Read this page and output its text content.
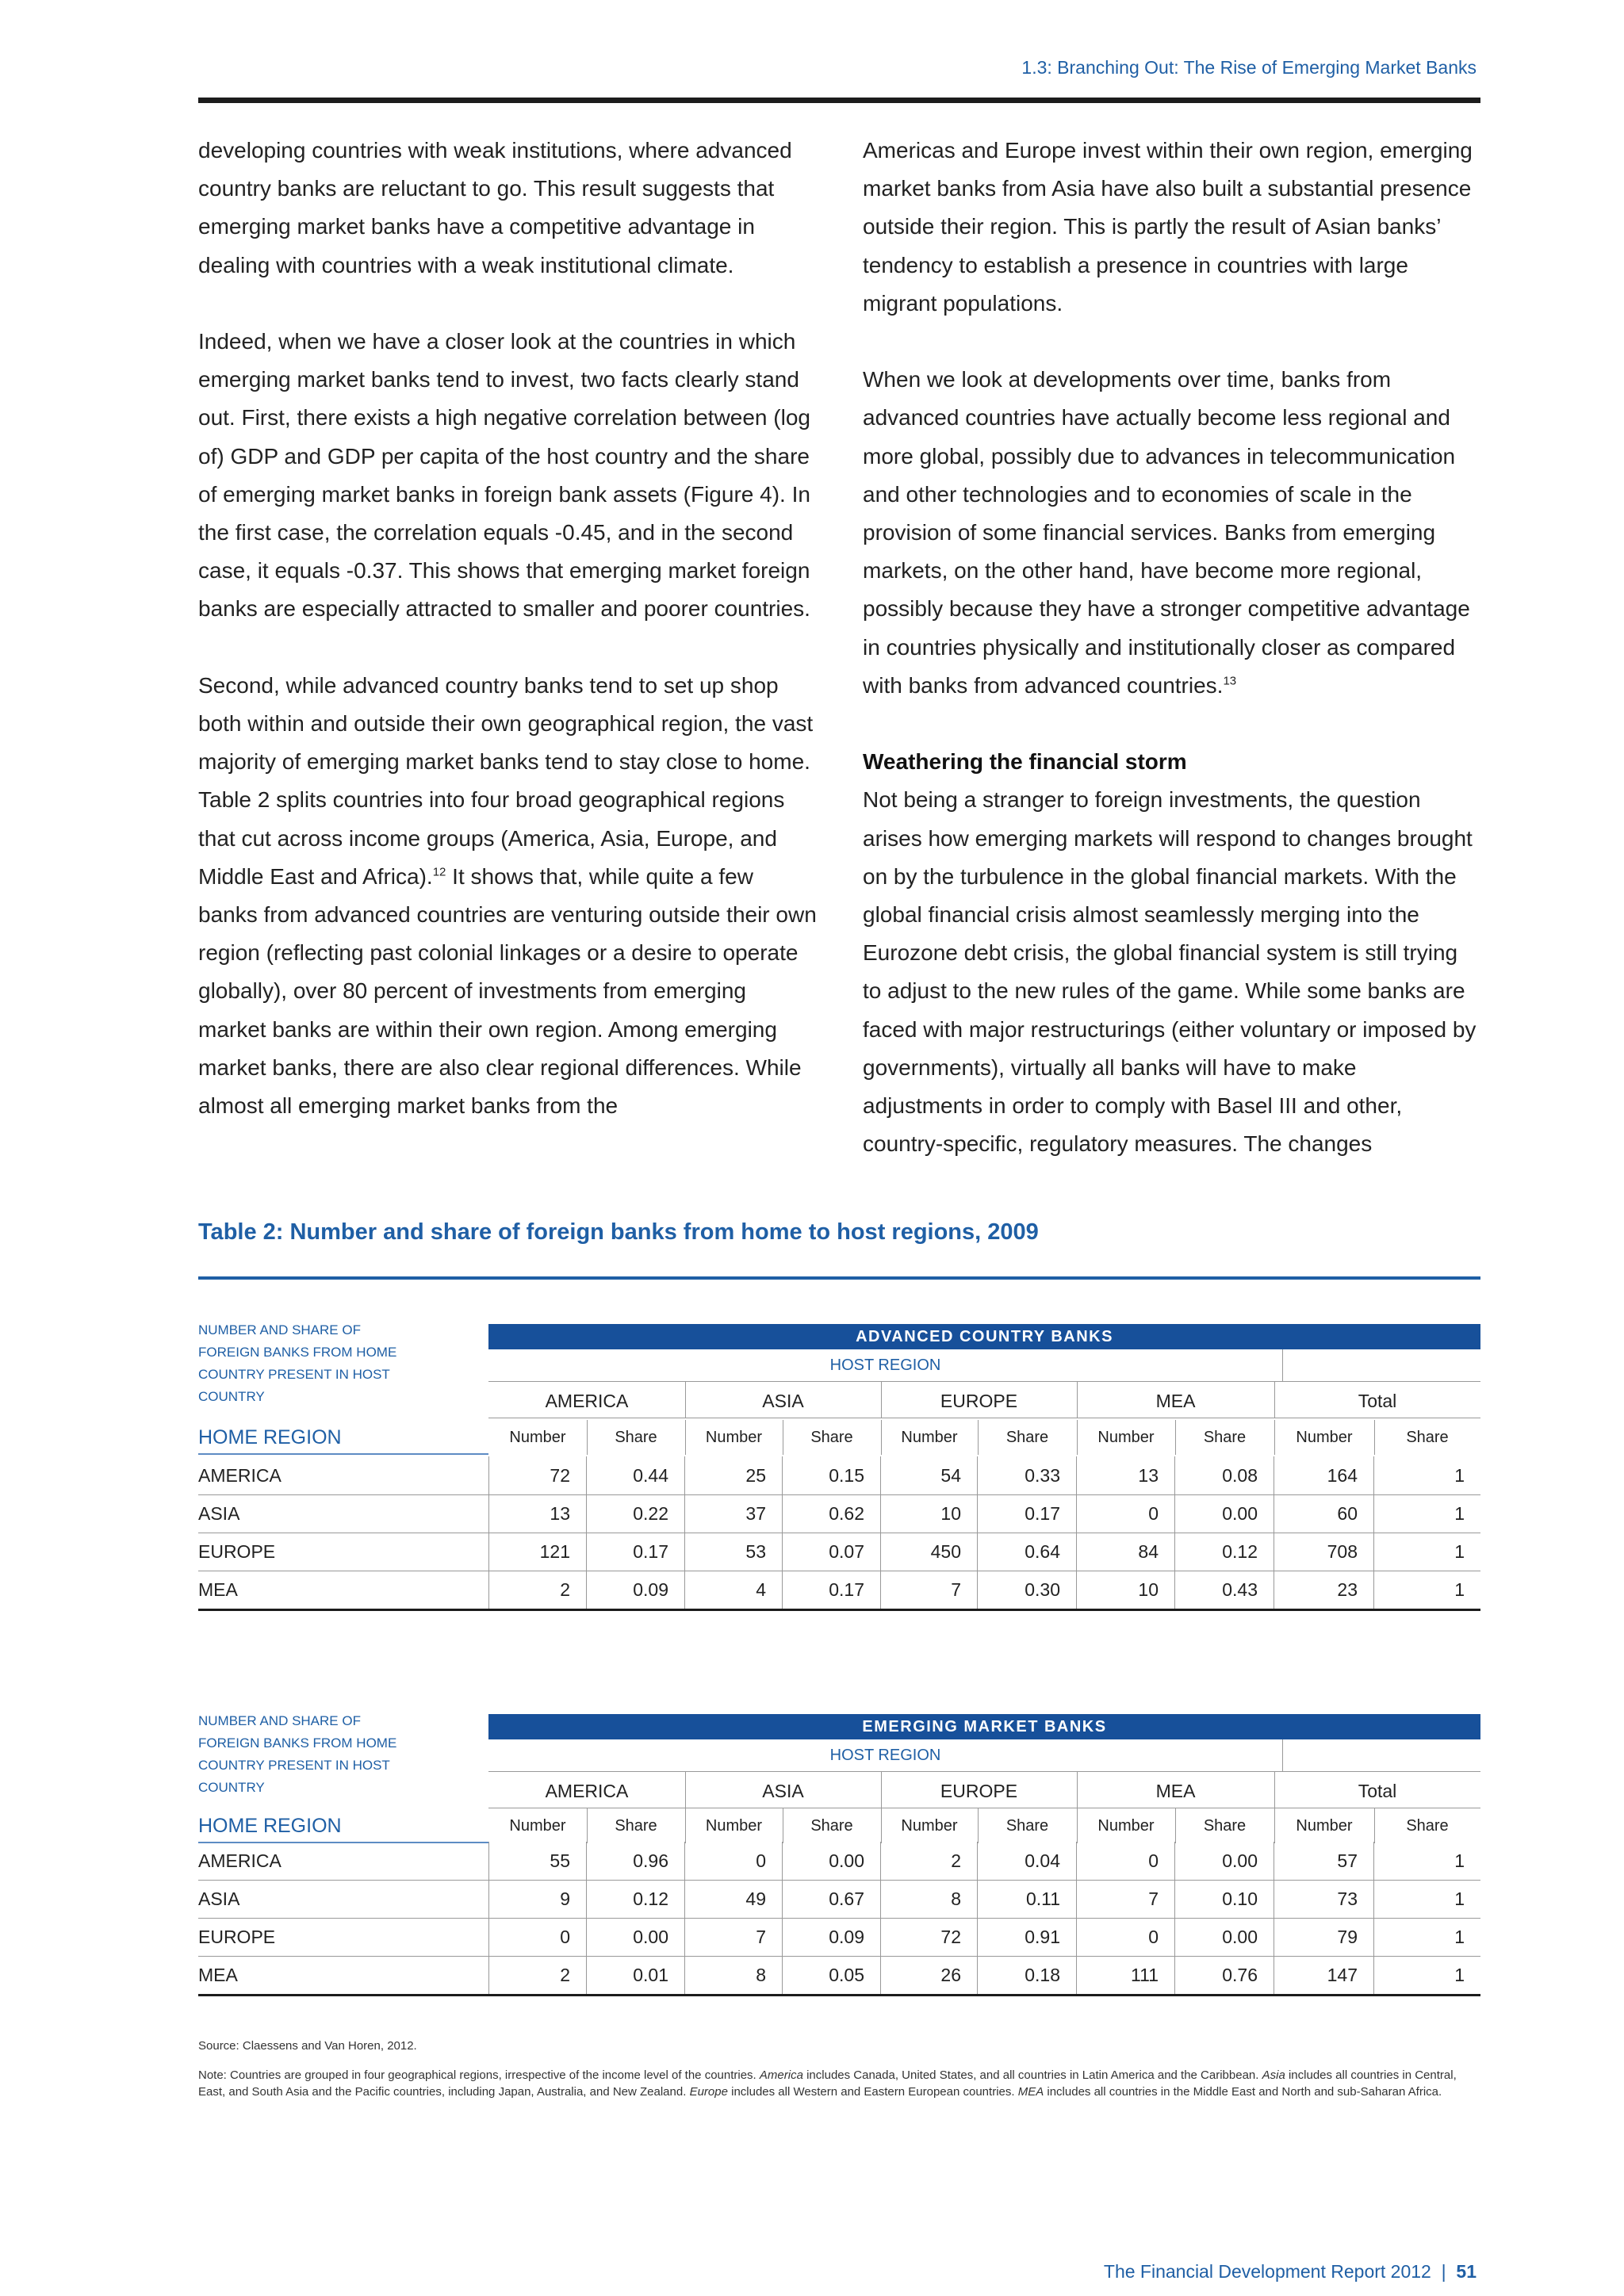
1.3: Branching Out: The Rise of Emerging Market Banks

developing countries with weak institutions, where advanced country banks are reluctant to go. This result suggests that emerging market banks have a competitive advantage in dealing with countries with a weak institutional climate.

Indeed, when we have a closer look at the countries in which emerging market banks tend to invest, two facts clearly stand out. First, there exists a high negative correlation between (log of) GDP and GDP per capita of the host country and the share of emerging market banks in foreign bank assets (Figure 4). In the first case, the correlation equals -0.45, and in the second case, it equals -0.37. This shows that emerging market foreign banks are especially attracted to smaller and poorer countries.

Second, while advanced country banks tend to set up shop both within and outside their own geographical region, the vast majority of emerging market banks tend to stay close to home. Table 2 splits countries into four broad geographical regions that cut across income groups (America, Asia, Europe, and Middle East and Africa).$^{12}$ It shows that, while quite a few banks from advanced countries are venturing outside their own region (reflecting past colonial linkages or a desire to operate globally), over 80 percent of investments from emerging market banks are within their own region. Among emerging market banks, there are also clear regional differences. While almost all emerging market banks from the

Americas and Europe invest within their own region, emerging market banks from Asia have also built a substantial presence outside their region. This is partly the result of Asian banks’ tendency to establish a presence in countries with large migrant populations.

When we look at developments over time, banks from advanced countries have actually become less regional and more global, possibly due to advances in telecommunication and other technologies and to economies of scale in the provision of some financial services. Banks from emerging markets, on the other hand, have become more regional, possibly because they have a stronger competitive advantage in countries physically and institutionally closer as compared with banks from advanced countries.$^{13}$

Weathering the financial storm
Not being a stranger to foreign investments, the question arises how emerging markets will respond to changes brought on by the turbulence in the global financial markets. With the global financial crisis almost seamlessly merging into the Eurozone debt crisis, the global financial system is still trying to adjust to the new rules of the game. While some banks are faced with major restructurings (either voluntary or imposed by governments), virtually all banks will have to make adjustments in order to comply with Basel III and other, country-specific, regulatory measures. The changes
Table 2: Number and share of foreign banks from home to host regions, 2009
NUMBER AND SHARE OF FOREIGN BANKS FROM HOME COUNTRY PRESENT IN HOST COUNTRY
ADVANCED COUNTRY BANKS
HOST REGION
AMERICA	ASIA	EUROPE	MEA	Total
HOME REGION	Number	Share	Number	Share	Number	Share	Number	Share	Number	Share
AMERICA	72	0.44	25	0.15	54	0.33	13	0.08	164	1
ASIA	13	0.22	37	0.62	10	0.17	0	0.00	60	1
EUROPE	121	0.17	53	0.07	450	0.64	84	0.12	708	1
MEA	2	0.09	4	0.17	7	0.30	10	0.43	23	1
NUMBER AND SHARE OF FOREIGN BANKS FROM HOME COUNTRY PRESENT IN HOST COUNTRY
EMERGING MARKET BANKS
HOST REGION
AMERICA	ASIA	EUROPE	MEA	Total
HOME REGION	Number	Share	Number	Share	Number	Share	Number	Share	Number	Share
AMERICA	55	0.96	0	0.00	2	0.04	0	0.00	57	1
ASIA	9	0.12	49	0.67	8	0.11	7	0.10	73	1
EUROPE	0	0.00	7	0.09	72	0.91	0	0.00	79	1
MEA	2	0.01	8	0.05	26	0.18	111	0.76	147	1
Source: Claessens and Van Horen, 2012.
Note: Countries are grouped in four geographical regions, irrespective of the income level of the countries. America includes Canada, United States, and all countries in Latin America and the Caribbean. Asia includes all countries in Central, East, and South Asia and the Pacific countries, including Japan, Australia, and New Zealand. Europe includes all Western and Eastern European countries. MEA includes all countries in the Middle East and North and sub-Saharan Africa.
The Financial Development Report 2012 | 51
